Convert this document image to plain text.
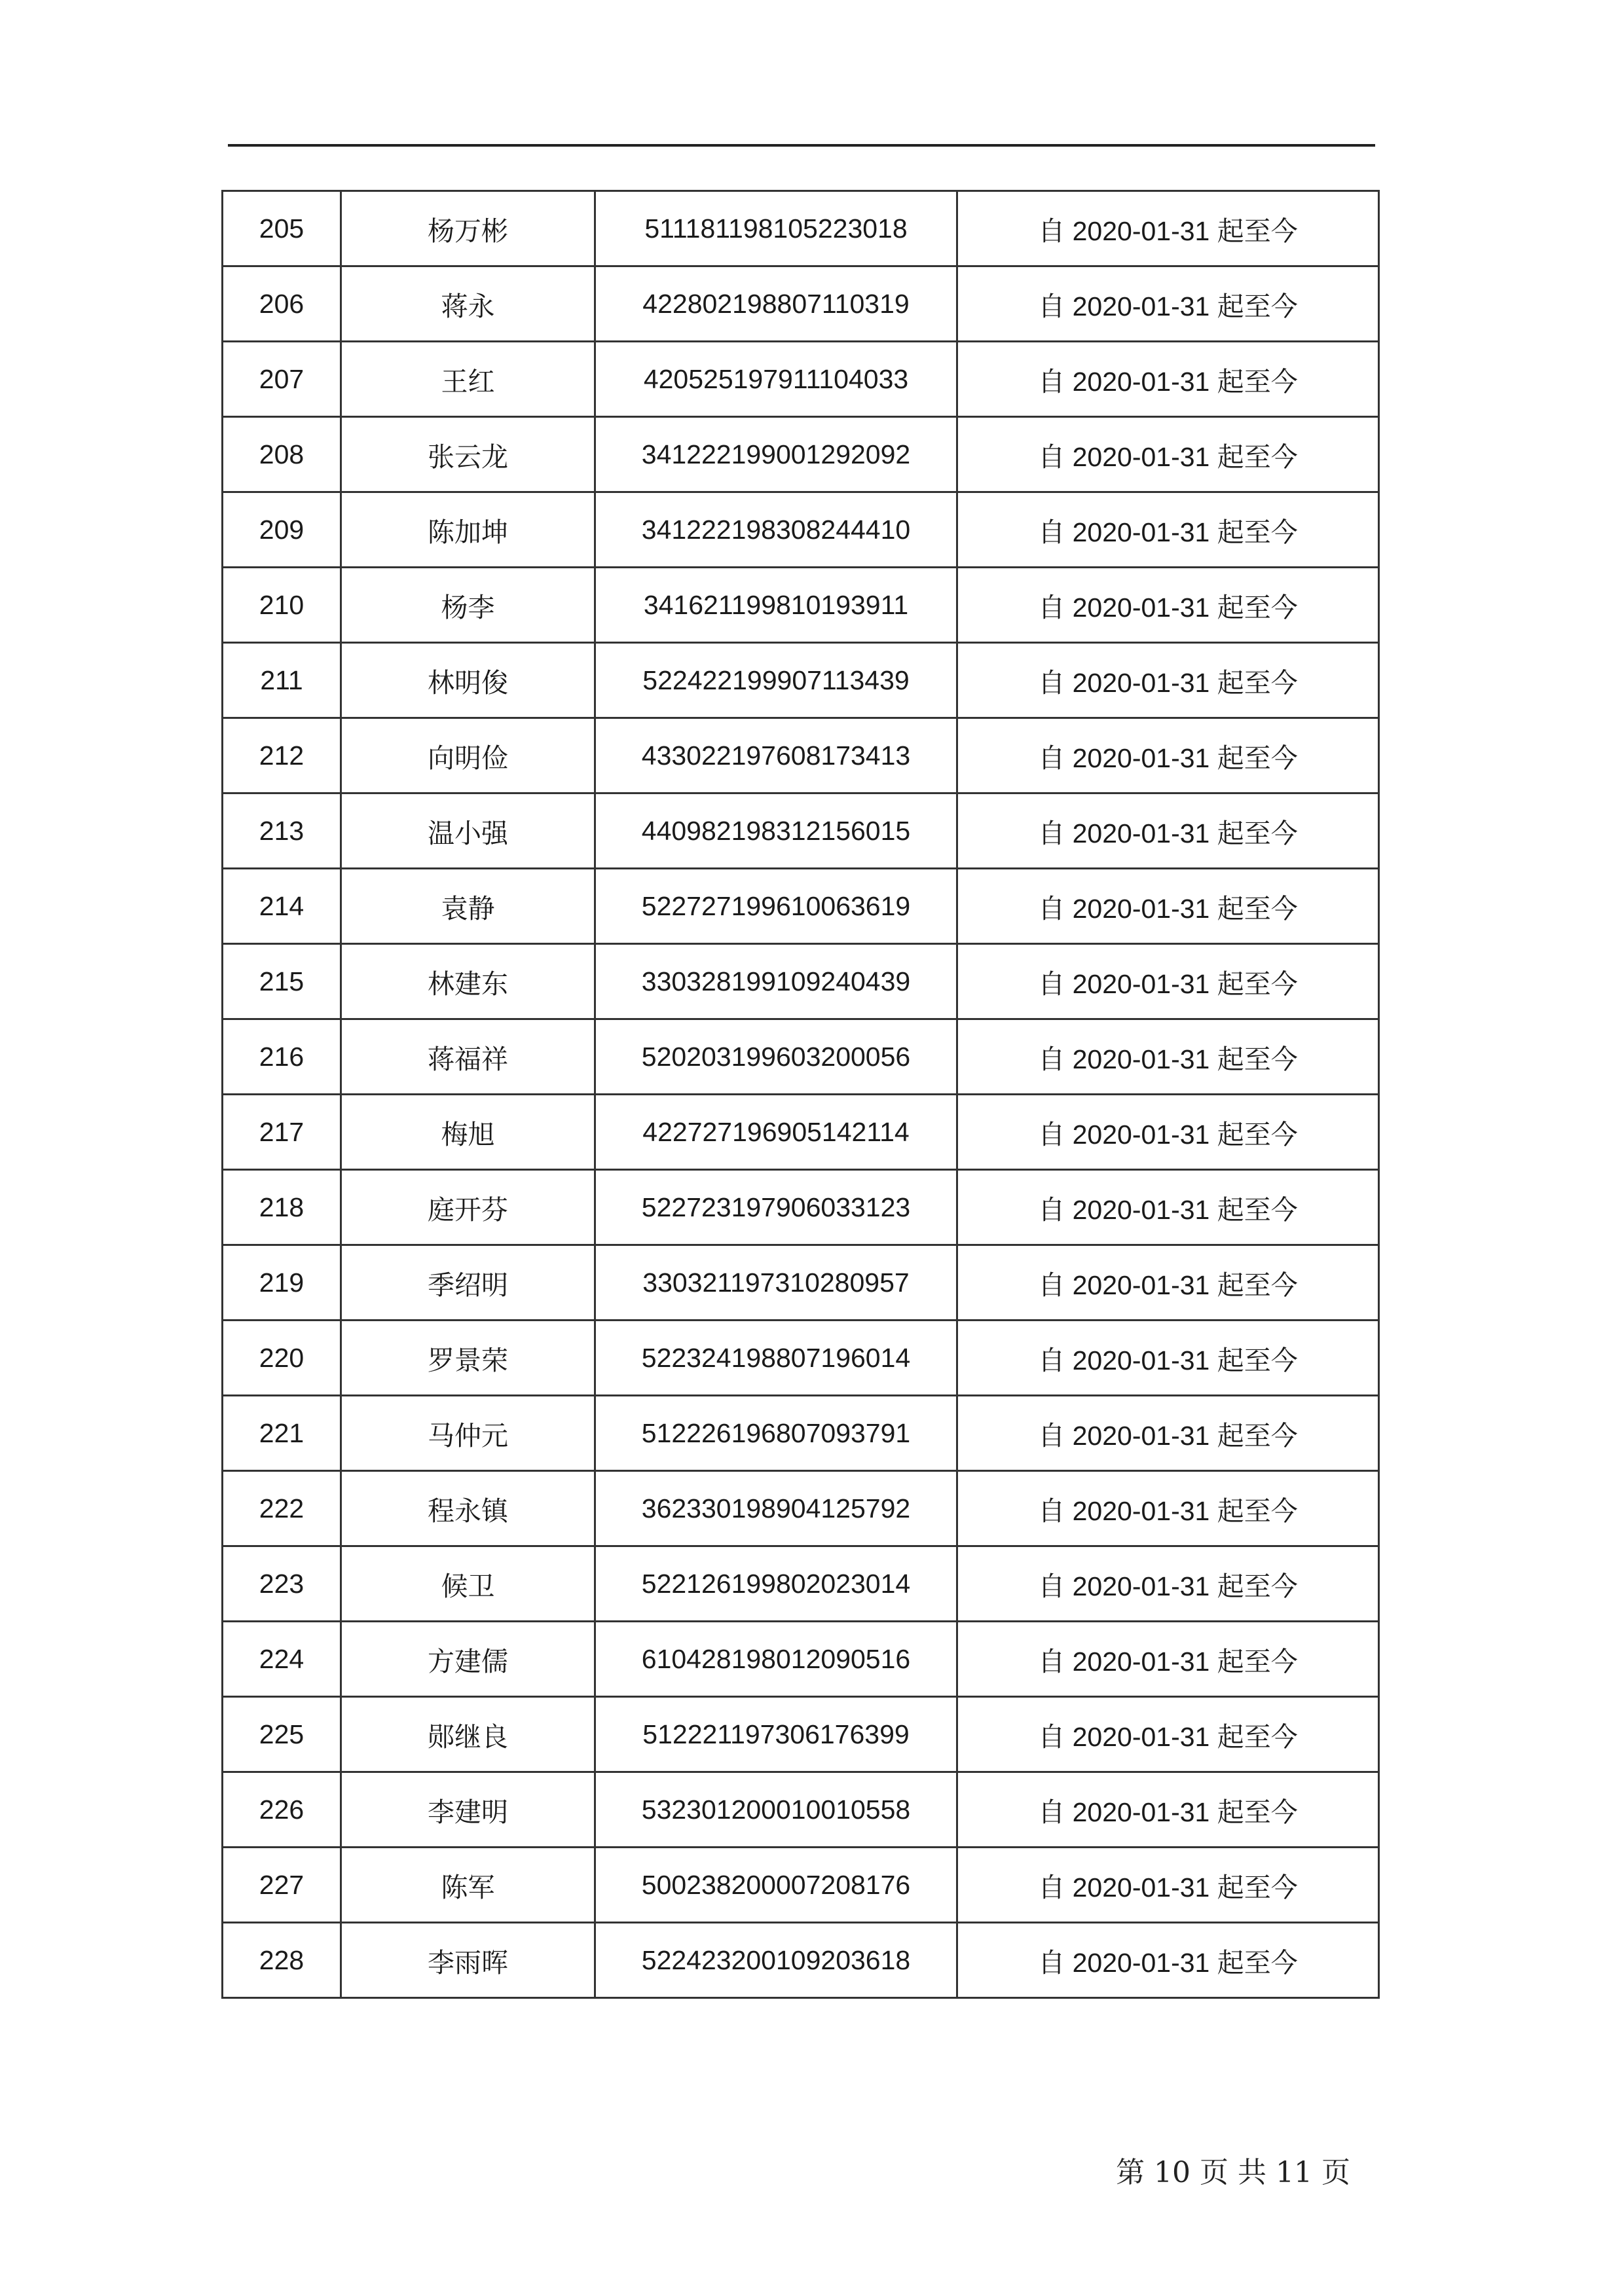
205	杨万彬	511181198105223018	自 2020-01-31 起至今
206	蒋永	422802198807110319	自 2020-01-31 起至今
207	王红	420525197911104033	自 2020-01-31 起至今
208	张云龙	341222199001292092	自 2020-01-31 起至今
209	陈加坤	341222198308244410	自 2020-01-31 起至今
210	杨李	341621199810193911	自 2020-01-31 起至今
211	林明俊	522422199907113439	自 2020-01-31 起至今
212	向明俭	433022197608173413	自 2020-01-31 起至今
213	温小强	440982198312156015	自 2020-01-31 起至今
214	袁静	522727199610063619	自 2020-01-31 起至今
215	林建东	330328199109240439	自 2020-01-31 起至今
216	蒋福祥	520203199603200056	自 2020-01-31 起至今
217	梅旭	422727196905142114	自 2020-01-31 起至今
218	庭开芬	522723197906033123	自 2020-01-31 起至今
219	季绍明	330321197310280957	自 2020-01-31 起至今
220	罗景荣	522324198807196014	自 2020-01-31 起至今
221	马仲元	512226196807093791	自 2020-01-31 起至今
222	程永镇	362330198904125792	自 2020-01-31 起至今
223	候卫	522126199802023014	自 2020-01-31 起至今
224	方建儒	610428198012090516	自 2020-01-31 起至今
225	郧继良	512221197306176399	自 2020-01-31 起至今
226	李建明	532301200010010558	自 2020-01-31 起至今
227	陈军	500238200007208176	自 2020-01-31 起至今
228	李雨晖	522423200109203618	自 2020-01-31 起至今
第 10 页 共 11 页
